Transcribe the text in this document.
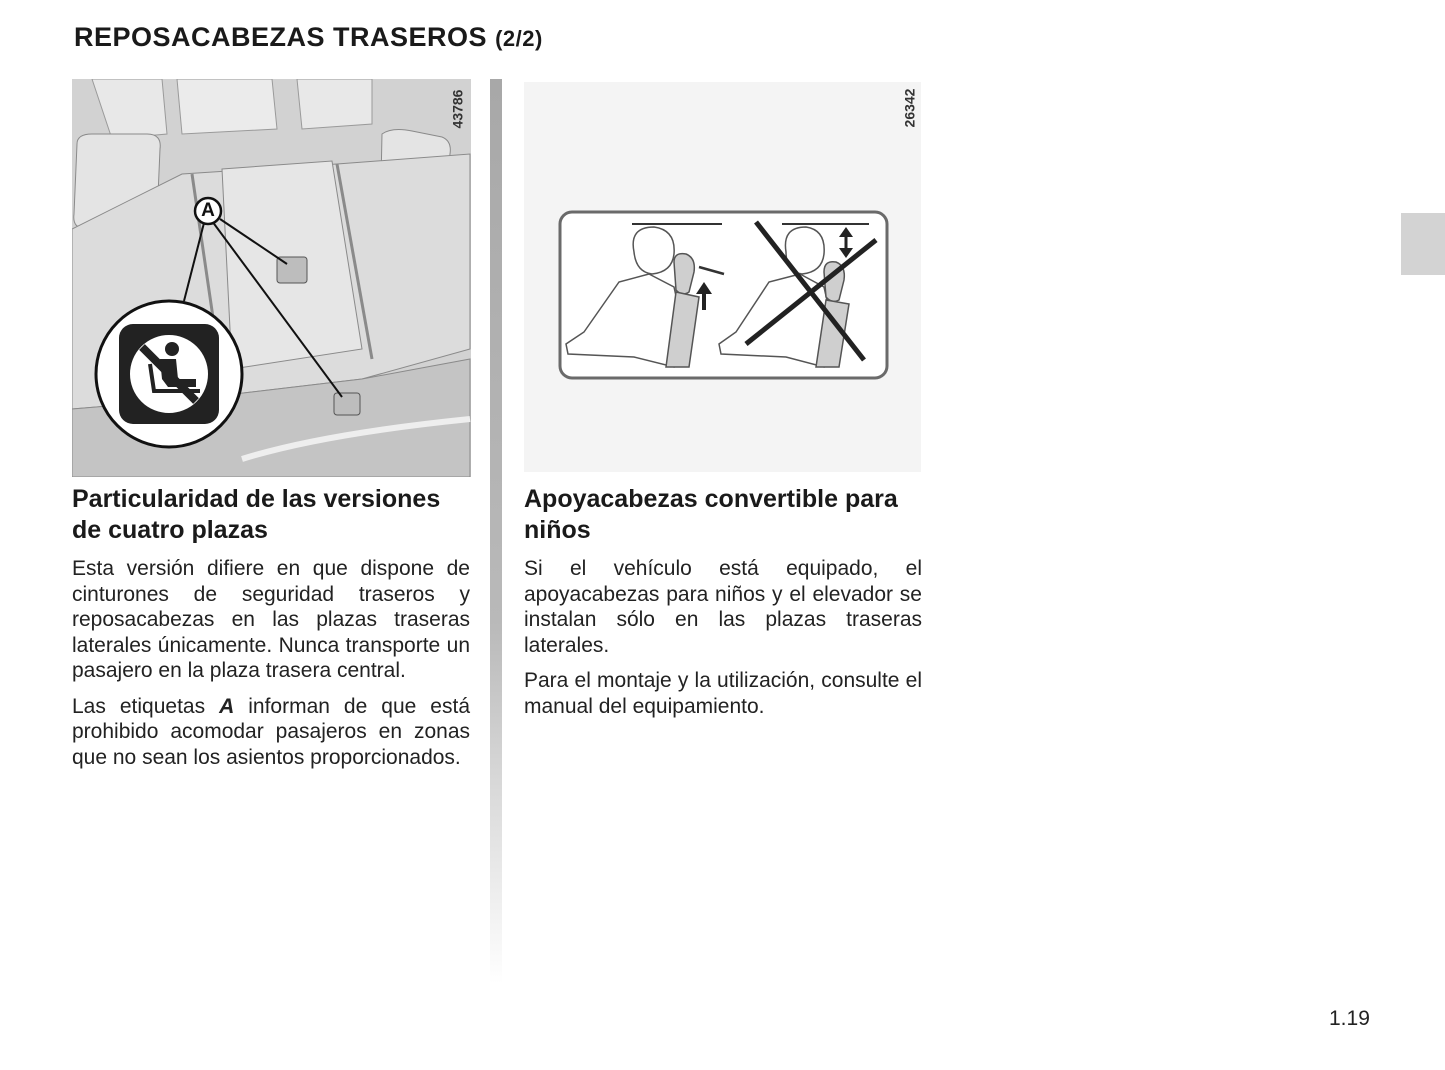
REPOSACABEZAS TRASEROS (2/2)
43786
A
26342
Particularidad de las versiones de cuatro plazas

Esta versión difiere en que dispone de cinturones de seguridad traseros y reposacabezas en las plazas traseras laterales únicamente. Nunca transporte un pasajero en la plaza trasera central.

Las etiquetas A informan de que está prohibido acomodar pasajeros en zonas que no sean los asientos proporcionados.

Apoyacabezas convertible para niños

Si el vehículo está equipado, el apoyacabezas para niños y el elevador se instalan sólo en las plazas traseras laterales.

Para el montaje y la utilización, consulte el manual del equipamiento.

1.19
